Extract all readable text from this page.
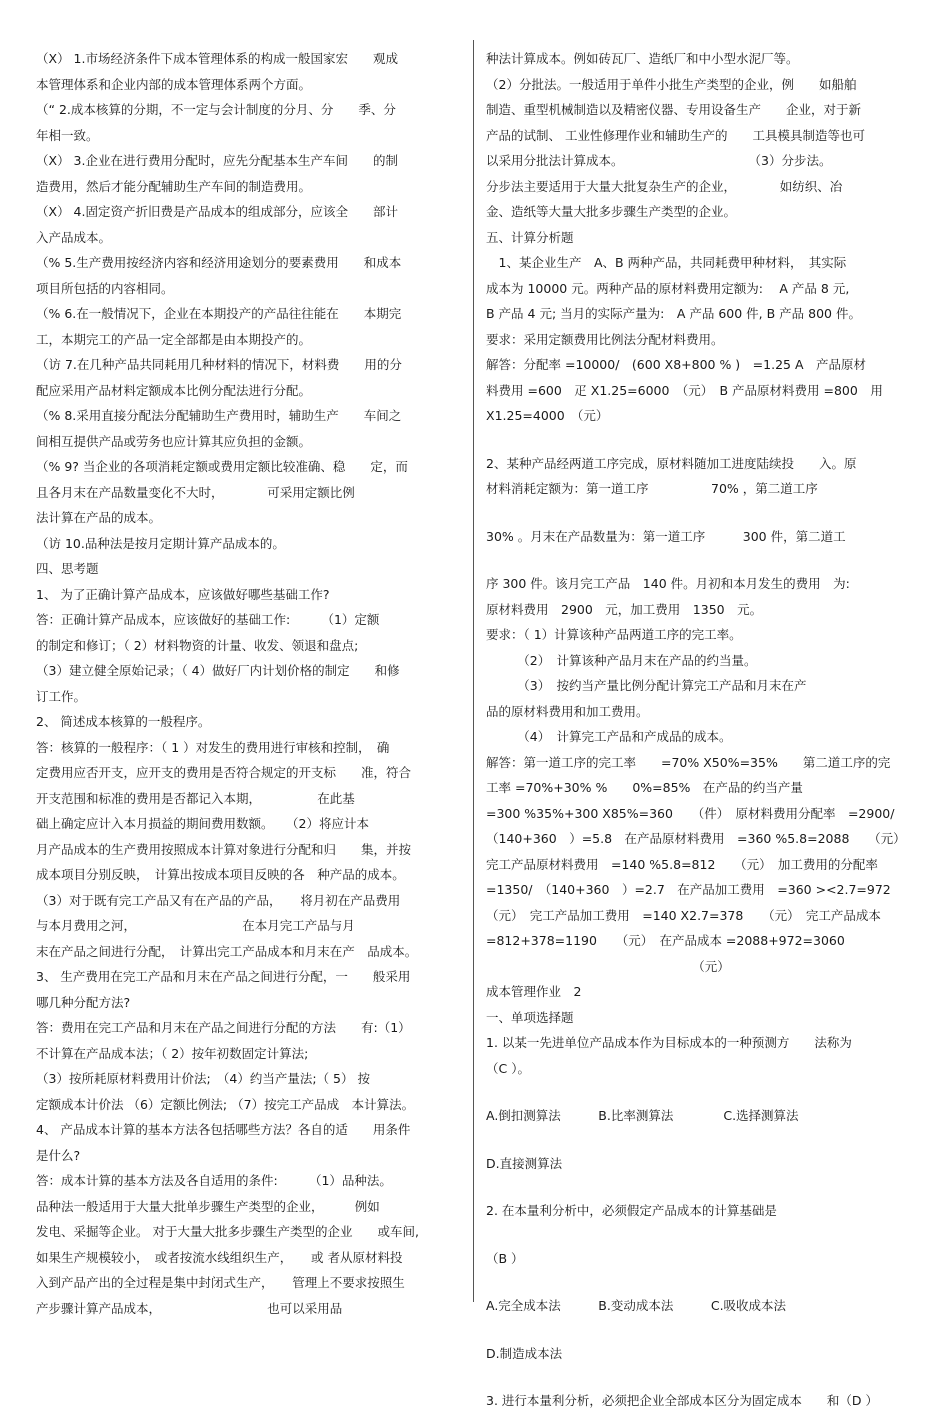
（X） 1.市场经济条件下成本管理体系的构成一般国家宏　　观成
本管理体系和企业内部的成本管理体系两个方面。
（“ 2.成本核算的分期，不一定与会计制度的分月、分　　季、分
年相一致。
（X） 3.企业在进行费用分配时，应先分配基本生产车间　　的制
造费用，然后才能分配辅助生产车间的制造费用。
（X） 4.固定资产折旧费是产品成本的组成部分，应该全　　部计
入产品成本。
（% 5.生产费用按经济内容和经济用途划分的要素费用　　和成本
项目所包括的内容相同。
（% 6.在一般情况下，企业在本期投产的产品往往能在　　本期完
工，本期完工的产品一定全部都是由本期投产的。
（访 7.在几种产品共同耗用几种材料的情况下，材料费　　用的分
配应采用产品材料定额成本比例分配法进行分配。
（% 8.采用直接分配法分配辅助生产费用时，辅助生产　　车间之
间相互提供产品或劳务也应计算其应负担的金额。
（% 9? 当企业的各项消耗定额或费用定额比较准确、稳　　定，而
且各月末在产品数量变化不大时，　　　　可采用定额比例
法计算在产品的成本。
（访 10.品种法是按月定期计算产品成本的。
四、思考题
1、 为了正确计算产品成本，应该做好哪些基础工作?
答：正确计算产品成本，应该做好的基础工作:　　　（1）定额
的制定和修订；（ 2）材料物资的计量、收发、领退和盘点;
（3）建立健全原始记录；（ 4）做好厂内计划价格的制定　　和修
订工作。
2、 简述成本核算的一般程序。
答：核算的一般程序：（ 1 ）对发生的费用进行审核和控制，　确
定费用应否开支，应开支的费用是否符合规定的开支标　　准，符合
开支范围和标准的费用是否都记入本期，　　　　　在此基
础上确定应计入本月损益的期间费用数额。　　（2）将应计本
月产品成本的生产费用按照成本计算对象进行分配和归　　集，并按
成本项目分别反映，　计算出按成本项目反映的各　种产品的成本。
（3）对于既有完工产品又有在产品的产品，　　将月初在产品费用
与本月费用之河，　　　　　　　　　在本月完工产品与月
末在产品之间进行分配，　计算出完工产品成本和月末在产　品成本。
3、 生产费用在完工产品和月末在产品之间进行分配，一　　般采用
哪几种分配方法?
答：费用在完工产品和月末在产品之间进行分配的方法　　有:（1）
不计算在产品成本法；（ 2）按年初数固定计算法;
（3）按所耗原材料费用计价法;　（4）约当产量法;（ 5） 按
定额成本计价法 （6）定额比例法; （7）按完工产品成　本计算法。
4、 产品成本计算的基本方法各包括哪些方法？各自的适　　用条件
是什么?
答：成本计算的基本方法及各自适用的条件:　　　（1）品种法。
品种法一般适用于大量大批单步骤生产类型的企业，　　　例如
发电、采掘等企业。 对于大量大批多步骤生产类型的企业　　或车间,
如果生产规模较小，　或者按流水线组织生产，　　或 者从原材料投
入到产品产出的全过程是集中封闭式生产，　　管理上不要求按照生
产步骤计算产品成本，　　　　　　　　　也可以采用品
种法计算成本。例如砖瓦厂、造纸厂和中小型水泥厂等。
（2）分批法。一般适用于单件小批生产类型的企业，例　　如船舶
制造、重型机械制造以及精密仪器、专用设备生产　　企业，对于新
产品的试制、 工业性修理作业和辅助生产的　　工具模具制造等也可
以采用分批法计算成本。　　　　　　　　　　　（3）分步法。
分步法主要适用于大量大批复杂生产的企业，　　　　如纺织、冶
金、造纸等大量大批多步骤生产类型的企业。
五、计算分析题
　1、某企业生产　A、B 两种产品，共同耗费甲种材料，　其实际
成本为 10000 元。两种产品的原材料费用定额为:　 A 产品 8 元,
B 产品 4 元; 当月的实际产量为:　A 产品 600 件, B 产品 800 件。
要求：采用定额费用比例法分配材料费用。
解答：分配率 =10000/　(600 X8+800 % )　=1.25 A　产品原材
料费用 =600　疋 X1.25=6000　（元）　B 产品原材料费用 =800　用
X1.25=4000　（元）
2、某种产品经两道工序完成，原材料随加工进度陆续投　　入。原
材料消耗定额为：第一道工序　　　　　70% ，第二道工序
30% 。月末在产品数量为：第一道工序　　　300 件，第二道工
序 300 件。该月完工产品　140 件。月初和本月发生的费用　为:
原材料费用　2900　元，加工费用　1350　元。
要求：（ 1）计算该种产品两道工序的完工率。
　　　（2）　计算该种产品月末在产品的约当量。
　　　（3）　按约当产量比例分配计算完工产品和月末在产
品的原材料费用和加工费用。
　　　（4）　计算完工产品和产成品的成本。
解答：第一道工序的完工率　　=70% X50%=35%　　第二道工序的完
工率 =70%+30% %　　0%=85%　在产品的约当产量
=300 %35%+300 X85%=360　　（件）　原材料费用分配率　=2900/
（140+360　）=5.8　在产品原材料费用　=360 %5.8=2088　　（元）
完工产品原材料费用　=140 %5.8=812　　（元）　加工费用的分配率
=1350/　（140+360　）=2.7　在产品加工费用　=360 ><2.7=972
（元）　完工产品加工费用　=140 X2.7=378　　（元）　完工产品成本
=812+378=1190　　（元）　在产品成本 =2088+972=3060
　　　　　　　　　　　　　　　　　（元）
成本管理作业　2
一、单项选择题
1. 以某一先进单位产品成本作为目标成本的一种预测方　　法称为
（C ）。
A.倒扣测算法　　　B.比率测算法　　　　C.选择测算法
D.直接测算法
2. 在本量利分析中，必须假定产品成本的计算基础是
（B ）
A.完全成本法　　　B.变动成本法　　　C.吸收成本法
D.制造成本法
3. 进行本量利分析，必须把企业全部成本区分为固定成本　　和（D ）
